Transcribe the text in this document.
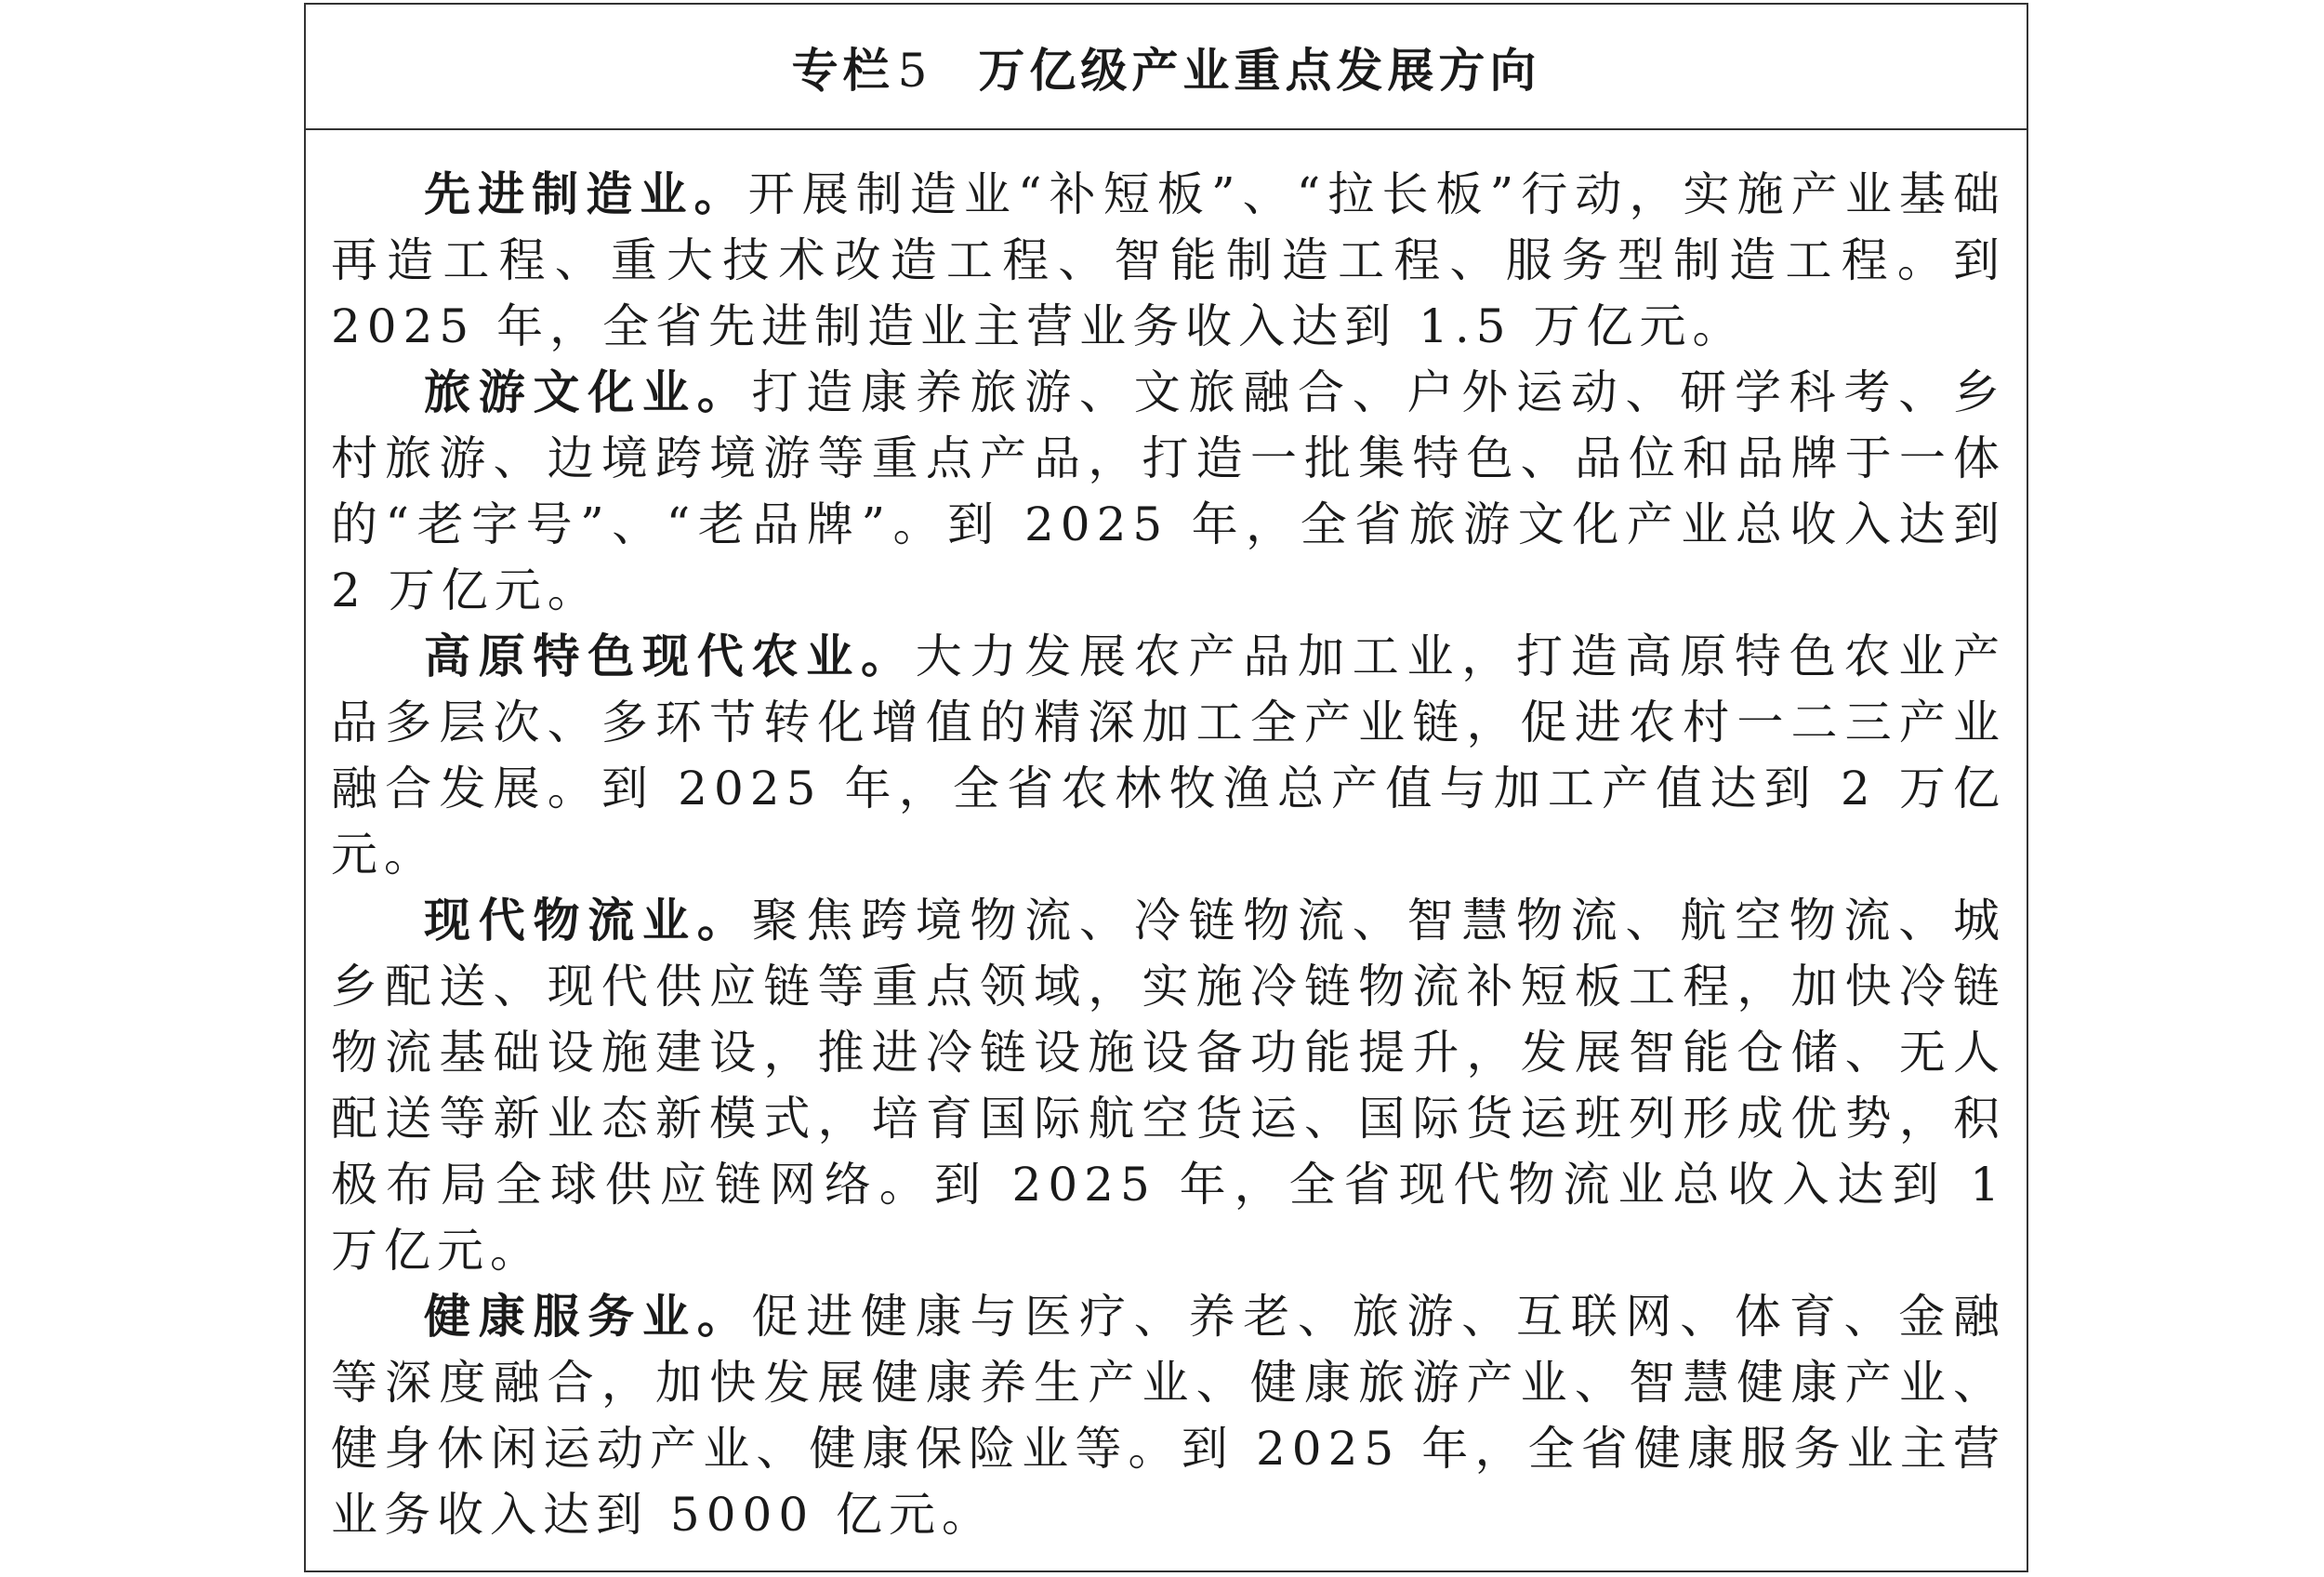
专栏 5 万亿级产业重点发展方向

先进制造业。开展制造业“补短板”、“拉长板”行动，实施产业基础再造工程、重大技术改造工程、智能制造工程、服务型制造工程。到 2025 年，全省先进制造业主营业务收入达到 1.5 万亿元。

旅游文化业。打造康养旅游、文旅融合、户外运动、研学科考、乡村旅游、边境跨境游等重点产品，打造一批集特色、品位和品牌于一体的“老字号”、“老品牌”。到 2025 年，全省旅游文化产业总收入达到 2 万亿元。

高原特色现代农业。大力发展农产品加工业，打造高原特色农业产品多层次、多环节转化增值的精深加工全产业链，促进农村一二三产业融合发展。到 2025 年，全省农林牧渔总产值与加工产值达到 2 万亿元。

现代物流业。聚焦跨境物流、冷链物流、智慧物流、航空物流、城乡配送、现代供应链等重点领域，实施冷链物流补短板工程，加快冷链物流基础设施建设，推进冷链设施设备功能提升，发展智能仓储、无人配送等新业态新模式，培育国际航空货运、国际货运班列形成优势，积极布局全球供应链网络。到 2025 年，全省现代物流业总收入达到 1 万亿元。

健康服务业。促进健康与医疗、养老、旅游、互联网、体育、金融等深度融合，加快发展健康养生产业、健康旅游产业、智慧健康产业、健身休闲运动产业、健康保险业等。到 2025 年，全省健康服务业主营业务收入达到 5000 亿元。
